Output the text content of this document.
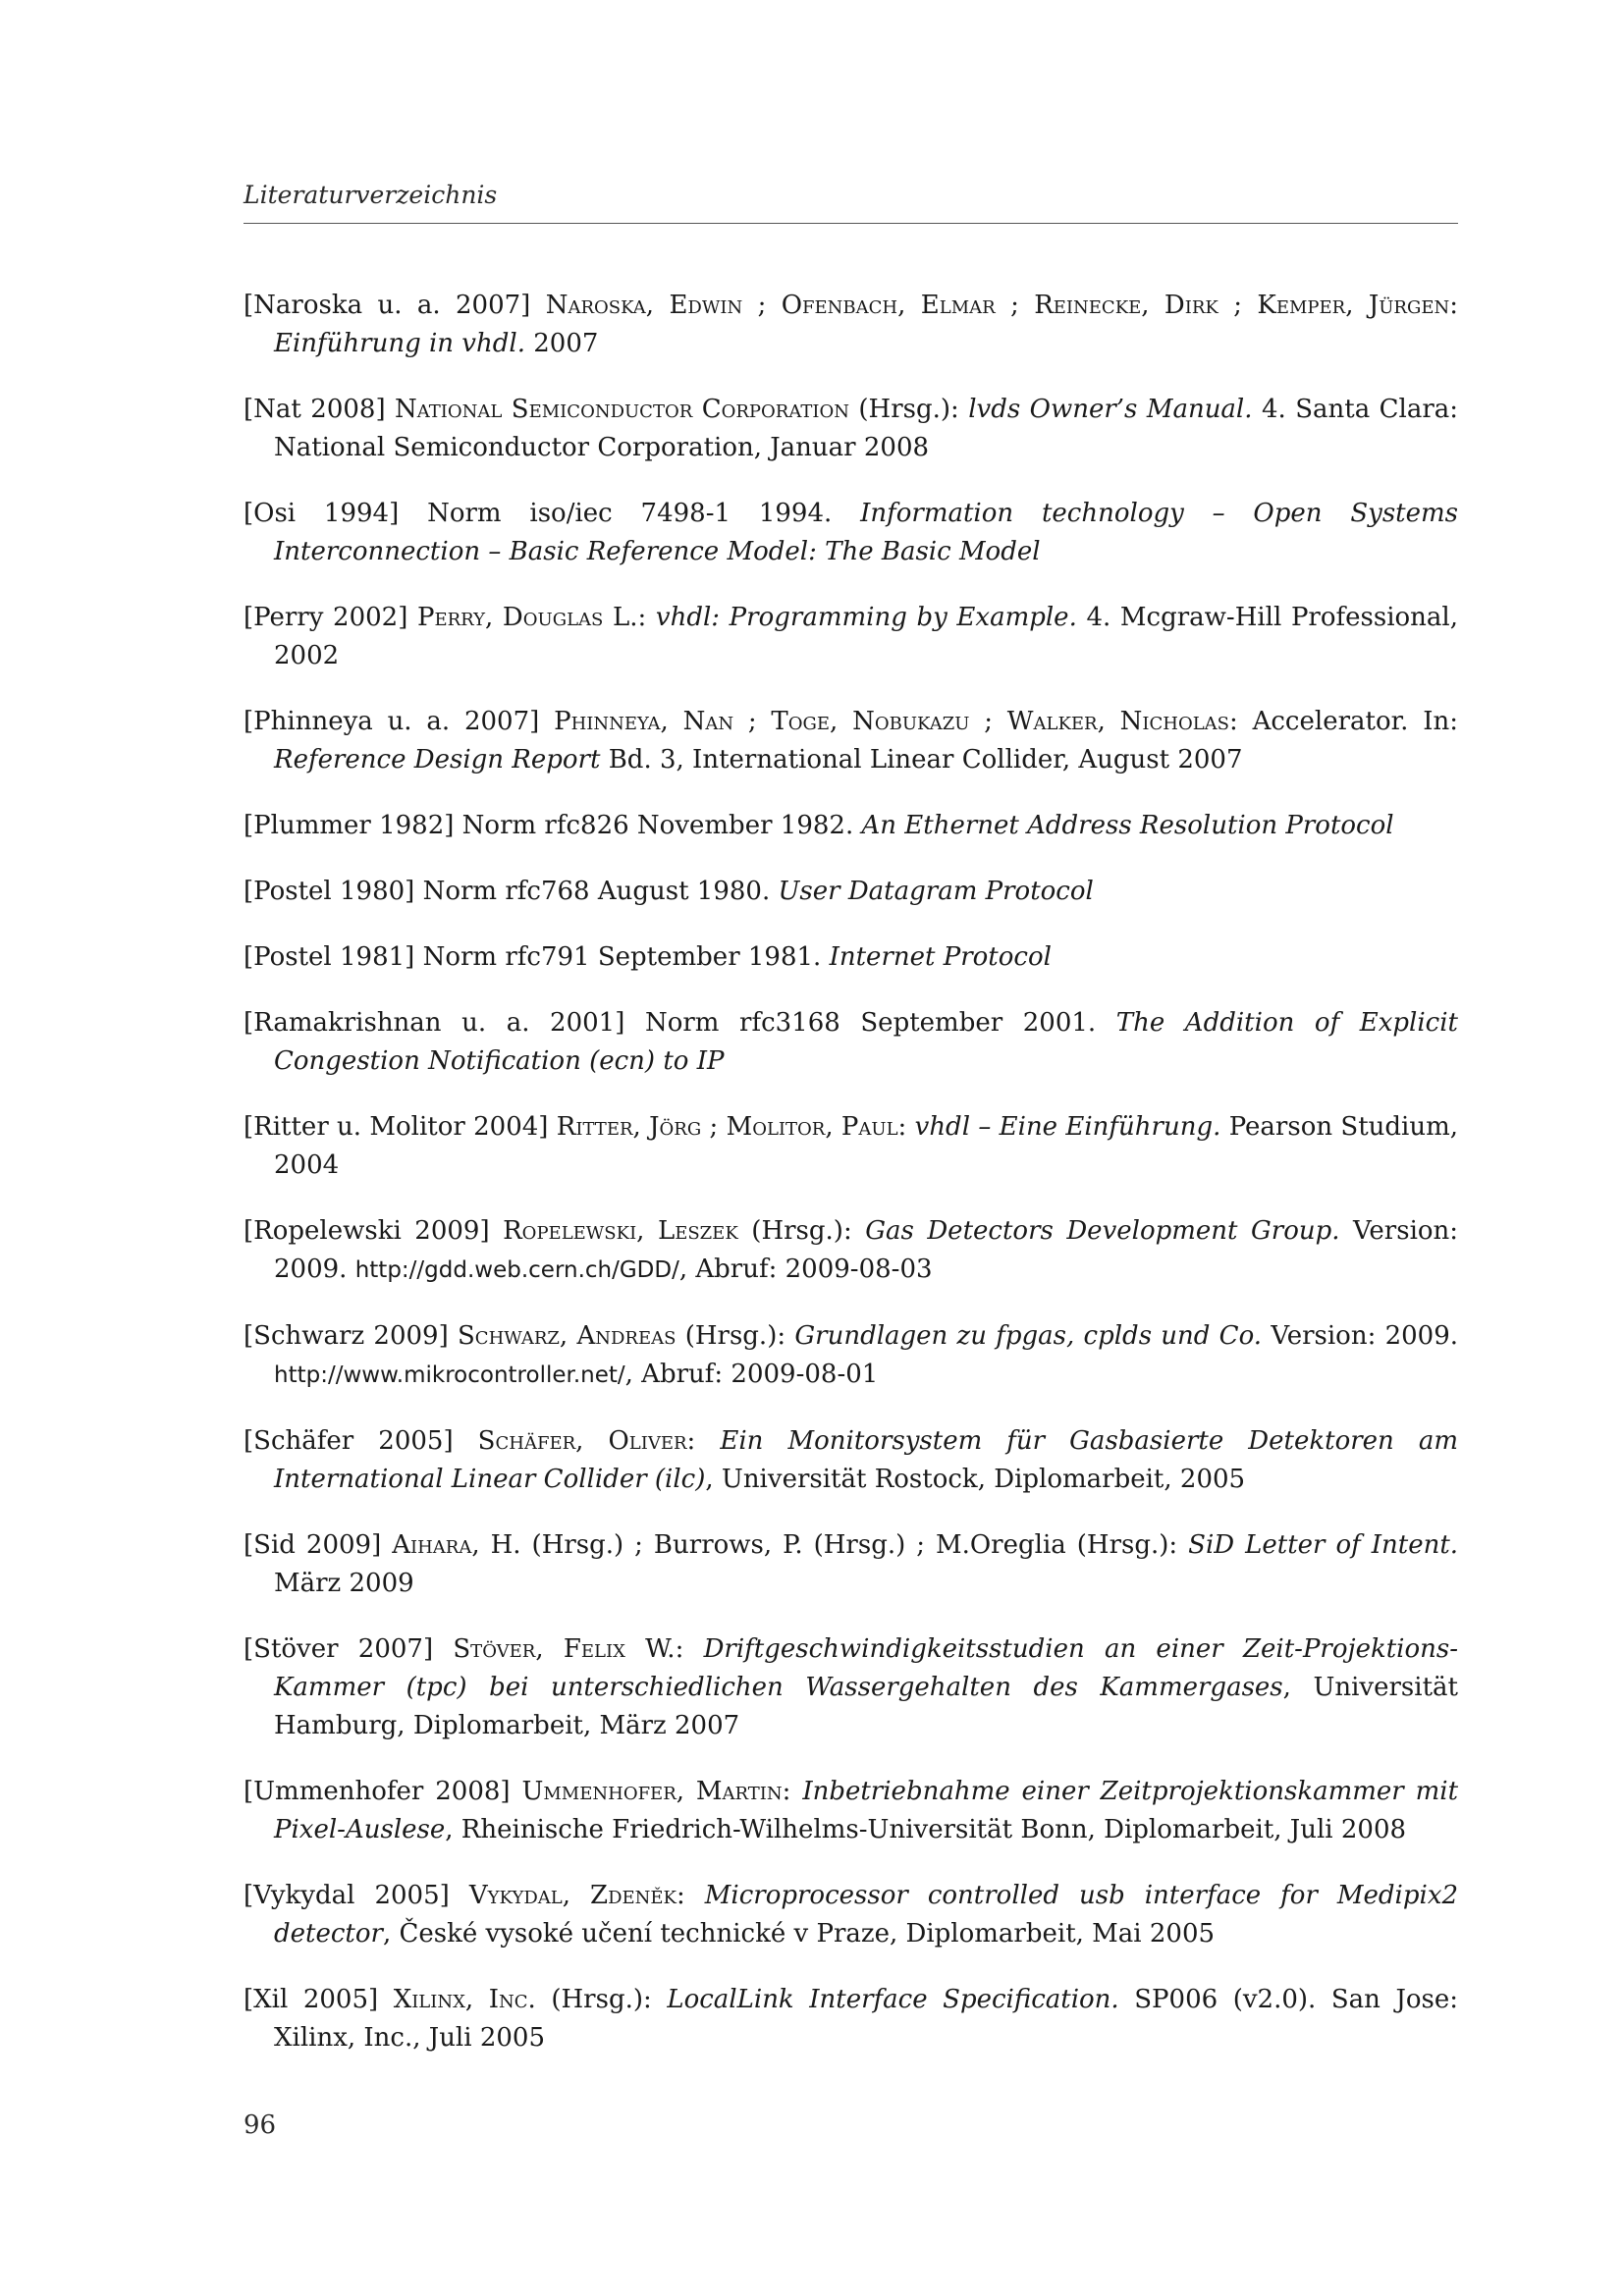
Literaturverzeichnis
[Naroska u. a. 2007] Naroska, Edwin ; Ofenbach, Elmar ; Reinecke, Dirk ; Kemper, Jürgen: Einführung in vhdl. 2007
[Nat 2008] National Semiconductor Corporation (Hrsg.): lvds Owner’s Manual. 4. Santa Clara: National Semiconductor Corporation, Januar 2008
[Osi 1994] Norm iso/iec 7498-1 1994. Information technology – Open Systems Interconnection – Basic Reference Model: The Basic Model
[Perry 2002] Perry, Douglas L.: vhdl: Programming by Example. 4. Mcgraw-Hill Professional, 2002
[Phinneya u. a. 2007] Phinneya, Nan ; Toge, Nobukazu ; Walker, Nicholas: Accelerator. In: Reference Design Report Bd. 3, International Linear Collider, August 2007
[Plummer 1982] Norm rfc826 November 1982. An Ethernet Address Resolution Protocol
[Postel 1980] Norm rfc768 August 1980. User Datagram Protocol
[Postel 1981] Norm rfc791 September 1981. Internet Protocol
[Ramakrishnan u. a. 2001] Norm rfc3168 September 2001. The Addition of Explicit Congestion Notification (ecn) to IP
[Ritter u. Molitor 2004] Ritter, Jörg ; Molitor, Paul: vhdl – Eine Einführung. Pearson Studium, 2004
[Ropelewski 2009] Ropelewski, Leszek (Hrsg.): Gas Detectors Development Group. Version: 2009. http://gdd.web.cern.ch/GDD/, Abruf: 2009-08-03
[Schwarz 2009] Schwarz, Andreas (Hrsg.): Grundlagen zu fpgas, cplds und Co. Version: 2009. http://www.mikrocontroller.net/, Abruf: 2009-08-01
[Schäfer 2005] Schäfer, Oliver: Ein Monitorsystem für Gasbasierte Detektoren am International Linear Collider (ilc), Universität Rostock, Diplomarbeit, 2005
[Sid 2009] Aihara, H. (Hrsg.) ; Burrows, P. (Hrsg.) ; M.Oreglia (Hrsg.): SiD Letter of Intent. März 2009
[Stöver 2007] Stöver, Felix W.: Driftgeschwindigkeitsstudien an einer Zeit-Projektions-Kammer (tpc) bei unterschiedlichen Wassergehalten des Kammergases, Universität Hamburg, Diplomarbeit, März 2007
[Ummenhofer 2008] Ummenhofer, Martin: Inbetriebnahme einer Zeitprojektionskammer mit Pixel-Auslese, Rheinische Friedrich-Wilhelms-Universität Bonn, Diplomarbeit, Juli 2008
[Vykydal 2005] Vykydal, Zdeněk: Microprocessor controlled usb interface for Medipix2 detector, České vysoké učení technické v Praze, Diplomarbeit, Mai 2005
[Xil 2005] Xilinx, Inc. (Hrsg.): LocalLink Interface Specification. SP006 (v2.0). San Jose: Xilinx, Inc., Juli 2005
96
